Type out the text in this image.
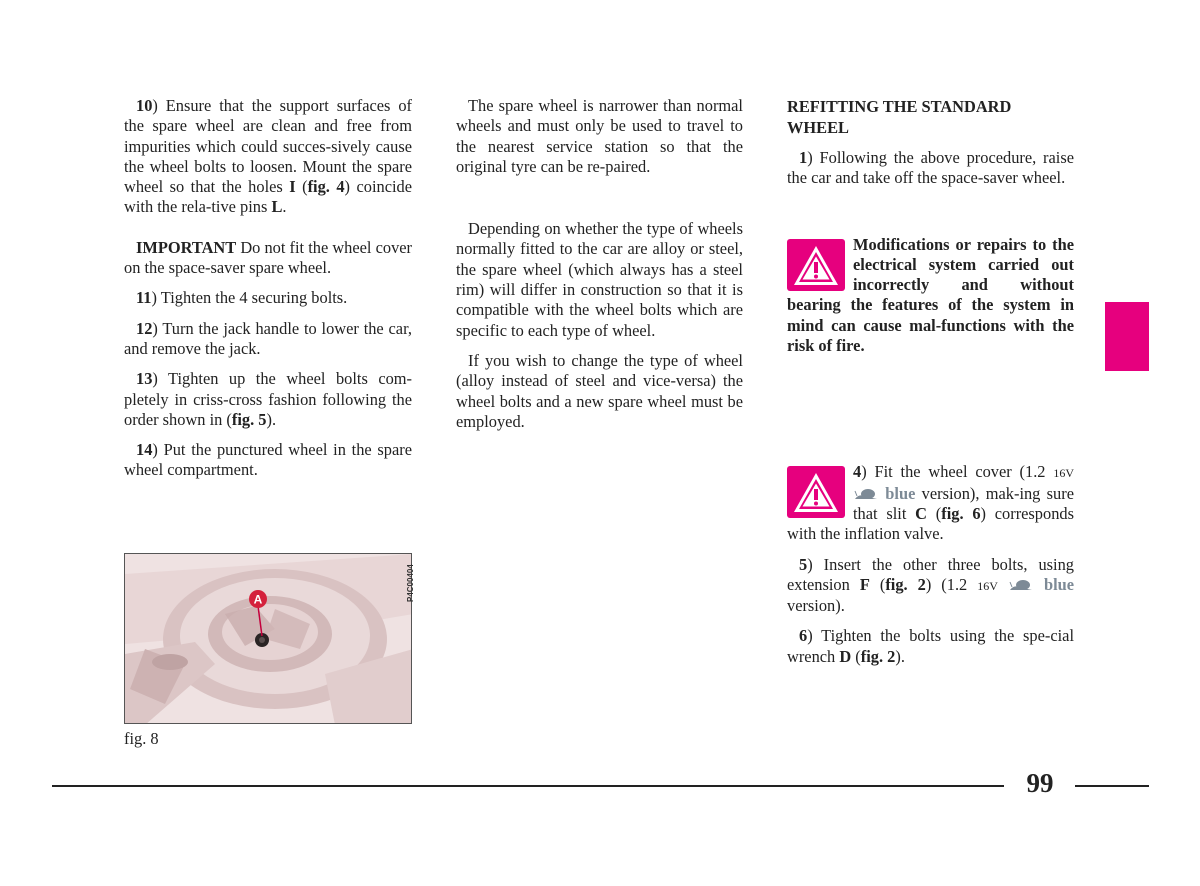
10) Ensure that the support surfaces of the spare wheel are clean and free from impurities which could succes-sively cause the wheel bolts to loosen. Mount the spare wheel so that the holes I (fig. 4) coincide with the rela-tive pins L.

IMPORTANT Do not fit the wheel cover on the space-saver spare wheel.

11) Tighten the 4 securing bolts.

12) Turn the jack handle to lower the car, and remove the jack.

13) Tighten up the wheel bolts com-pletely in criss-cross fashion following the order shown in (fig. 5).

14) Put the punctured wheel in the spare wheel compartment.

A	P4C00404
fig. 8

The spare wheel is narrower than normal wheels and must only be used to travel to the nearest service station so that the original tyre can be re-paired.

Depending on whether the type of wheels normally fitted to the car are alloy or steel, the spare wheel (which always has a steel rim) will differ in construction so that it is compatible with the wheel bolts which are specific to each type of wheel.

If you wish to change the type of wheel (alloy instead of steel and vice-versa) the wheel bolts and a new spare wheel must be employed.

REFITTING THE STANDARD WHEEL

1) Following the above procedure, raise the car and take off the space-saver wheel.

Modifications or repairs to the electrical system carried out incorrectly and without bearing the features of the system in mind can cause mal-functions with the risk of fire.

4) Fit the wheel cover (1.2 16V  blue version), mak-ing sure that slit C (fig. 6) corresponds with the inflation valve.

5) Insert the other three bolts, using extension F (fig. 2) (1.2 16V	blue version).

6) Tighten the bolts using the spe-cial wrench D (fig. 2).

99
